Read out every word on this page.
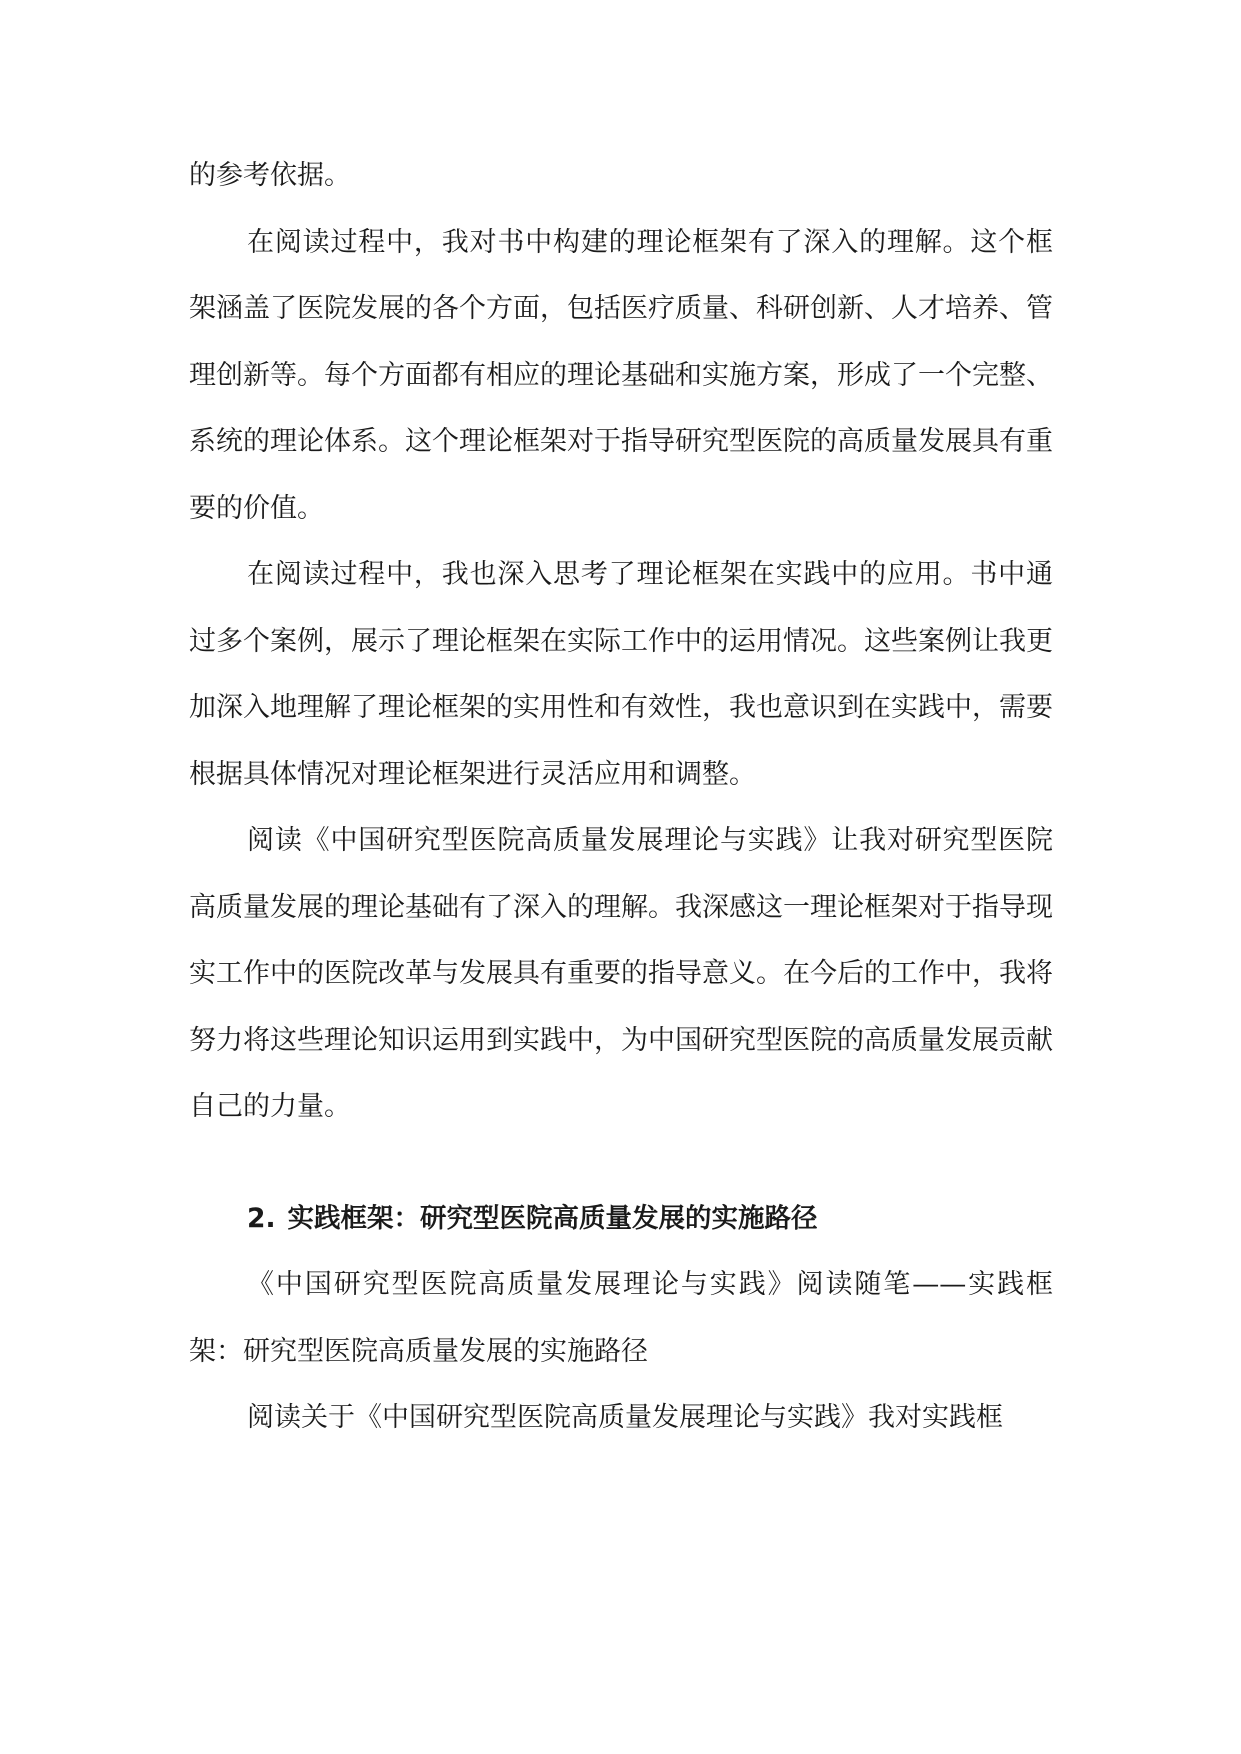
的参考依据。

在阅读过程中，我对书中构建的理论框架有了深入的理解。这个框架涵盖了医院发展的各个方面，包括医疗质量、科研创新、人才培养、管理创新等。每个方面都有相应的理论基础和实施方案，形成了一个完整、系统的理论体系。这个理论框架对于指导研究型医院的高质量发展具有重要的价值。

在阅读过程中，我也深入思考了理论框架在实践中的应用。书中通过多个案例，展示了理论框架在实际工作中的运用情况。这些案例让我更加深入地理解了理论框架的实用性和有效性，我也意识到在实践中，需要根据具体情况对理论框架进行灵活应用和调整。

阅读《中国研究型医院高质量发展理论与实践》让我对研究型医院高质量发展的理论基础有了深入的理解。我深感这一理论框架对于指导现实工作中的医院改革与发展具有重要的指导意义。在今后的工作中，我将努力将这些理论知识运用到实践中，为中国研究型医院的高质量发展贡献自己的力量。

2. 实践框架：研究型医院高质量发展的实施路径

《中国研究型医院高质量发展理论与实践》阅读随笔——实践框架：研究型医院高质量发展的实施路径

阅读关于《中国研究型医院高质量发展理论与实践》我对实践框
